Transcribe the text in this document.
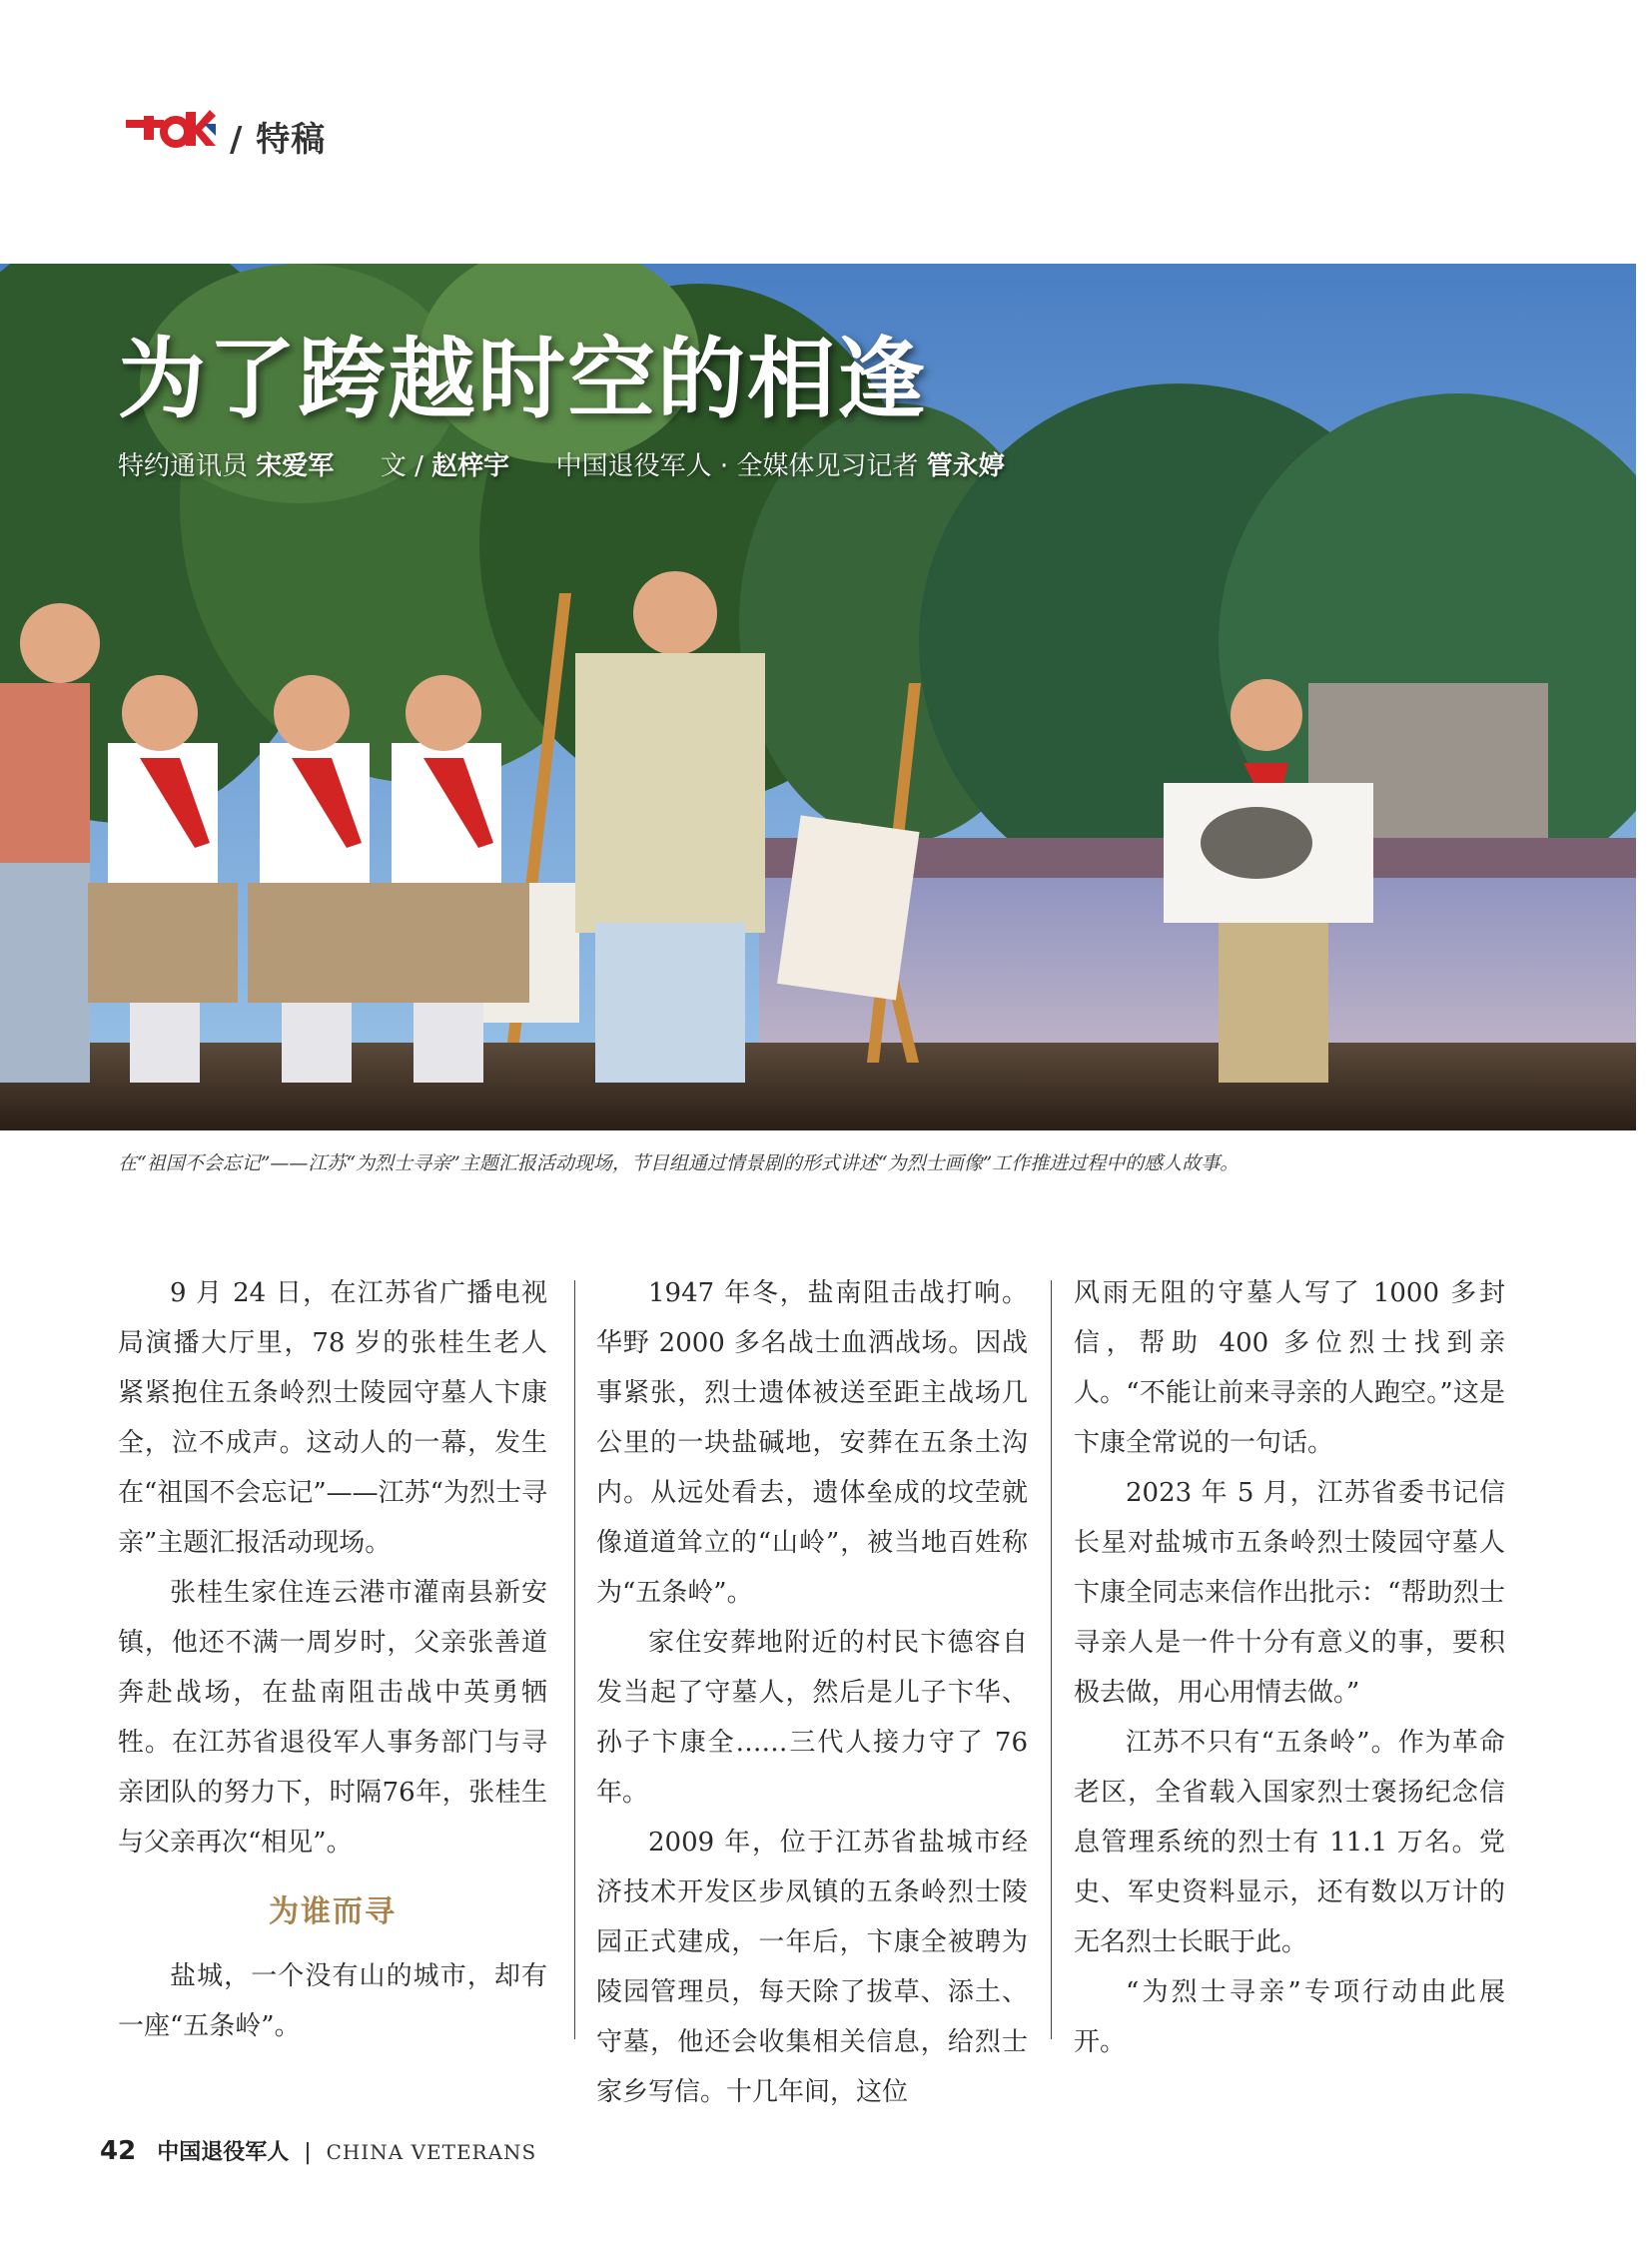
/ 特稿
为了跨越时空的相逢
特约通讯员 宋爱军 文 / 赵梓宇 中国退役军人 · 全媒体见习记者 管永婷
在“祖国不会忘记”——江苏“为烈士寻亲”主题汇报活动现场，节目组通过情景剧的形式讲述“为烈士画像”工作推进过程中的感人故事。

9 月 24 日，在江苏省广播电视局演播大厅里，78 岁的张桂生老人紧紧抱住五条岭烈士陵园守墓人卞康全，泣不成声。这动人的一幕，发生在“祖国不会忘记”——江苏“为烈士寻亲”主题汇报活动现场。

张桂生家住连云港市灌南县新安镇，他还不满一周岁时，父亲张善道奔赴战场，在盐南阻击战中英勇牺牲。在江苏省退役军人事务部门与寻亲团队的努力下，时隔76年，张桂生与父亲再次“相见”。

为谁而寻

盐城，一个没有山的城市，却有一座“五条岭”。

1947 年冬，盐南阻击战打响。华野 2000 多名战士血洒战场。因战事紧张，烈士遗体被送至距主战场几公里的一块盐碱地，安葬在五条土沟内。从远处看去，遗体垒成的坟茔就像道道耸立的“山岭”，被当地百姓称为“五条岭”。

家住安葬地附近的村民卞德容自发当起了守墓人，然后是儿子卞华、孙子卞康全……三代人接力守了 76 年。

2009 年，位于江苏省盐城市经济技术开发区步凤镇的五条岭烈士陵园正式建成，一年后，卞康全被聘为陵园管理员，每天除了拔草、添土、守墓，他还会收集相关信息，给烈士家乡写信。十几年间，这位

风雨无阻的守墓人写了 1000 多封信，帮助 400 多位烈士找到亲人。“不能让前来寻亲的人跑空。”这是卞康全常说的一句话。

2023 年 5 月，江苏省委书记信长星对盐城市五条岭烈士陵园守墓人卞康全同志来信作出批示：“帮助烈士寻亲人是一件十分有意义的事，要积极去做，用心用情去做。”

江苏不只有“五条岭”。作为革命老区，全省载入国家烈士褒扬纪念信息管理系统的烈士有 11.1 万名。党史、军史资料显示，还有数以万计的无名烈士长眠于此。

“为烈士寻亲”专项行动由此展开。

42 中国退役军人 | CHINA VETERANS
